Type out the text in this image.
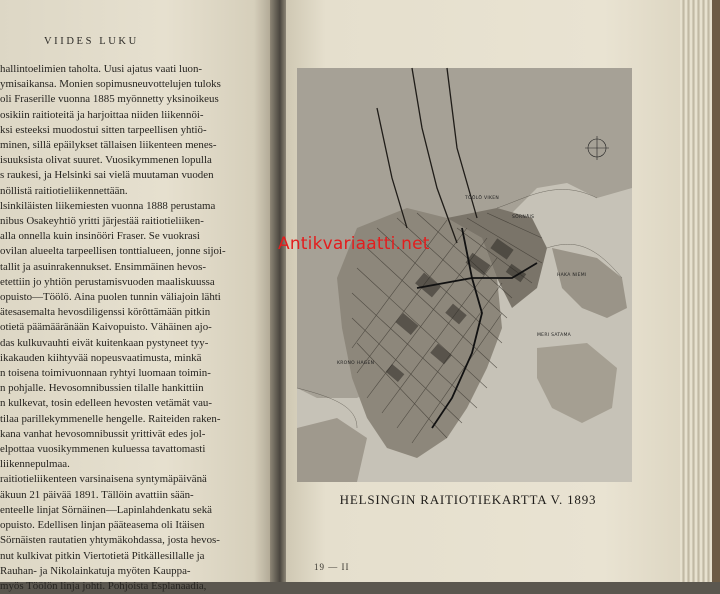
VIIDES LUKU
hallintoelimien taholta. Uusi ajatus vaati luon-
ymisaikansa. Monien sopimusneuvottelujen tuloks
oli Fraserille vuonna 1885 myönnetty yksinoikeus
osikiin raitioteitä ja harjoittaa niiden liikennöi-
ksi esteeksi muodostui sitten tarpeellisen yhtiö-
minen, sillä epäilykset tällaisen liikenteen menes-
isuuksista olivat suuret. Vuosikymmenen lopulla
s raukesi, ja Helsinki sai vielä muutaman vuoden
nöllistä raitiotieliikennettään.
lsinkiläisten liikemiesten vuonna 1888 perustama
nibus Osakeyhtiö yritti järjestää raitiotieliiken-
alla onnella kuin insinööri Fraser. Se vuokrasi
ovilan alueelta tarpeellisen tonttialueen, jonne sijoi-
tallit ja asuinrakennukset. Ensimmäinen hevos-
etettiin jo yhtiön perustamisvuoden maaliskuussa
opuisto—Töölö. Aina puolen tunnin väliajoin lähti
ätesasemalta hevosdiligenssi körôttämään pitkin
otietä päämääränään Kaivopuisto. Vähäinen ajo-
das kulkuvauhti eivät kuitenkaan pystyneet tyy-
ikakauden kiihtyvää nopeusvaatimusta, minkä
n toisena toimivuonnaan ryhtyi luomaan toimin-
n pohjalle. Hevosomnibussien tilalle hankittiin
n kulkevat, tosin edelleen hevosten vetämät vau-
tilaa parillekymmenelle hengelle. Raiteiden raken-
kana vanhat hevosomnibussit yrittivät edes jol-
elpottaa vuosikymmenen kuluessa tavattomasti
liikennepulmaa.
raitiotieliikenteen varsinaisena syntymäpäivänä
äkuun 21 päivää 1891. Tällöin avattiin sään-
enteelle linjat Sörnäinen—Lapinlahdenkatu sekä
opuisto. Edellisen linjan pääteasema oli Itäisen
Sörnäisten rautatien yhtymäkohdassa, josta hevos-
nut kulkivat pitkin Viertotietä Pitkällesillalle ja
Rauhan- ja Nikolainkatuja myöten Kauppa-
myös Töölön linja johti. Pohjoista Esplanaadia,
TÖÖLÖ VIKEN
HAKA NIEMI
SÖRNÄIS
MERI SATAMA
KRONO HAGEN
Antikvariaatti.net
HELSINGIN RAITIOTIEKARTTA V. 1893
19 — II
